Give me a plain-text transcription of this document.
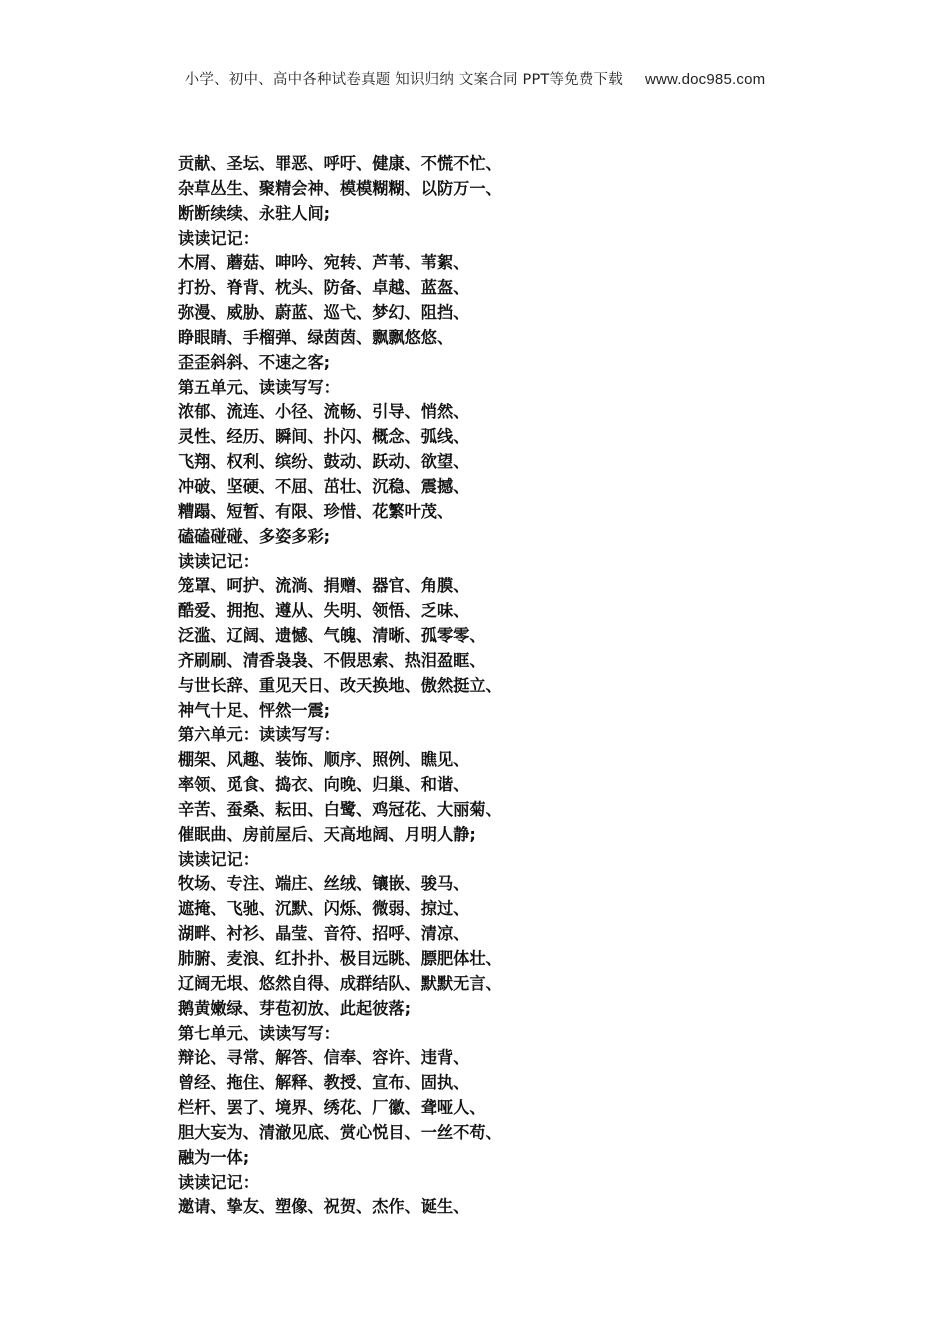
小学、初中、高中各种试卷真题 知识归纳 文案合同 PPT等免费下载 www.doc985.com
贡献、圣坛、罪恶、呼吁、健康、不慌不忙、
杂草丛生、聚精会神、模模糊糊、以防万一、
断断续续、永驻人间;
读读记记：
木屑、蘑菇、呻吟、宛转、芦苇、苇絮、
打扮、脊背、枕头、防备、卓越、蓝盔、
弥漫、威胁、蔚蓝、巡弋、梦幻、阻挡、
睁眼睛、手榴弹、绿茵茵、飘飘悠悠、
歪歪斜斜、不速之客;
第五单元、读读写写：
浓郁、流连、小径、流畅、引导、悄然、
灵性、经历、瞬间、扑闪、概念、弧线、
飞翔、权利、缤纷、鼓动、跃动、欲望、
冲破、坚硬、不屈、茁壮、沉稳、震撼、
糟蹋、短暂、有限、珍惜、花繁叶茂、
磕磕碰碰、多姿多彩;
读读记记：
笼罩、呵护、流淌、捐赠、器官、角膜、
酷爱、拥抱、遵从、失明、领悟、乏味、
泛滥、辽阔、遗憾、气魄、清晰、孤零零、
齐刷刷、清香袅袅、不假思索、热泪盈眶、
与世长辞、重见天日、改天换地、傲然挺立、
神气十足、怦然一震;
第六单元：读读写写：
棚架、风趣、装饰、顺序、照例、瞧见、
率领、觅食、捣衣、向晚、归巢、和谐、
辛苦、蚕桑、耘田、白鹭、鸡冠花、大丽菊、
催眠曲、房前屋后、天高地阔、月明人静;
读读记记：
牧场、专注、端庄、丝绒、镶嵌、骏马、
遮掩、飞驰、沉默、闪烁、微弱、掠过、
湖畔、衬衫、晶莹、音符、招呼、清凉、
肺腑、麦浪、红扑扑、极目远眺、膘肥体壮、
辽阔无垠、悠然自得、成群结队、默默无言、
鹅黄嫩绿、芽苞初放、此起彼落;
第七单元、读读写写：
辩论、寻常、解答、信奉、容许、违背、
曾经、拖住、解释、教授、宣布、固执、
栏杆、罢了、境界、绣花、厂徽、聋哑人、
胆大妄为、清澈见底、赏心悦目、一丝不苟、
融为一体;
读读记记：
邀请、挚友、塑像、祝贺、杰作、诞生、
